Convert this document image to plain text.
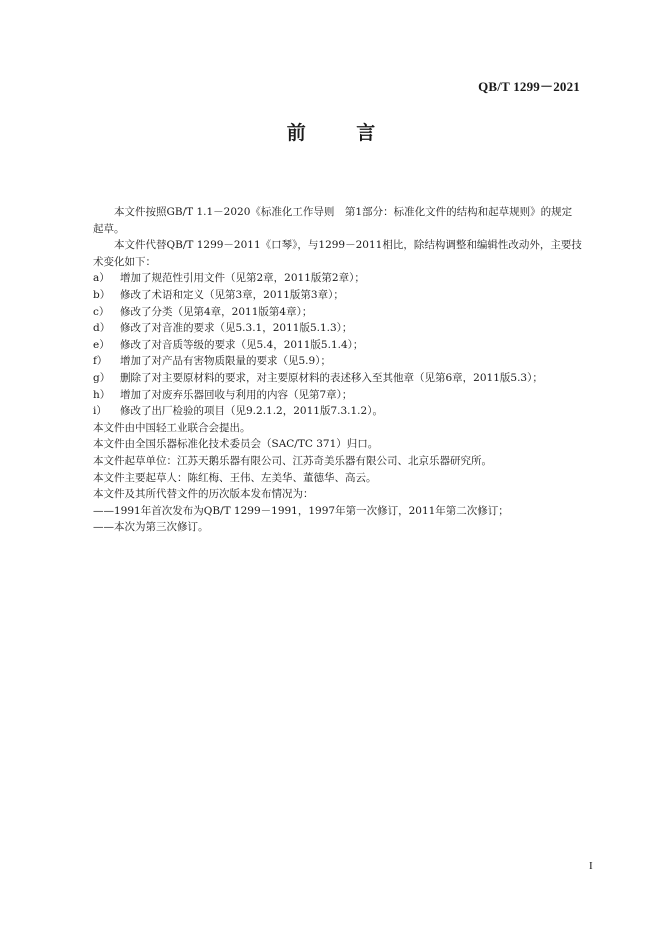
QB/T 1299－2021
前 言

本文件按照GB/T 1.1－2020《标准化工作导则　第1部分：标准化文件的结构和起草规则》的规定

起草。

本文件代替QB/T 1299－2011《口琴》，与1299－2011相比，除结构调整和编辑性改动外，主要技

术变化如下：

a） 增加了规范性引用文件（见第2章，2011版第2章）；
b） 修改了术语和定义（见第3章，2011版第3章）；
c）	修改了分类（见第4章，2011版第4章）；
d） 修改了对音准的要求（见5.3.1，2011版5.1.3）；
e） 修改了对音质等级的要求（见5.4，2011版5.1.4）；
f）	增加了对产品有害物质限量的要求（见5.9）；
g） 删除了对主要原材料的要求，对主要原材料的表述移入至其他章（见第6章，2011版5.3）；
h） 增加了对废弃乐器回收与利用的内容（见第7章）；
i）	修改了出厂检验的项目（见9.2.1.2，2011版7.3.1.2）。

本文件由中国轻工业联合会提出。

本文件由全国乐器标准化技术委员会（SAC/TC 371）归口。

本文件起草单位：江苏天鹅乐器有限公司、江苏奇美乐器有限公司、北京乐器研究所。

本文件主要起草人：陈红梅、王伟、左美华、董德华、高云。

本文件及其所代替文件的历次版本发布情况为：

——1991年首次发布为QB/T 1299－1991，1997年第一次修订，2011年第二次修订；

——本次为第三次修订。

I
